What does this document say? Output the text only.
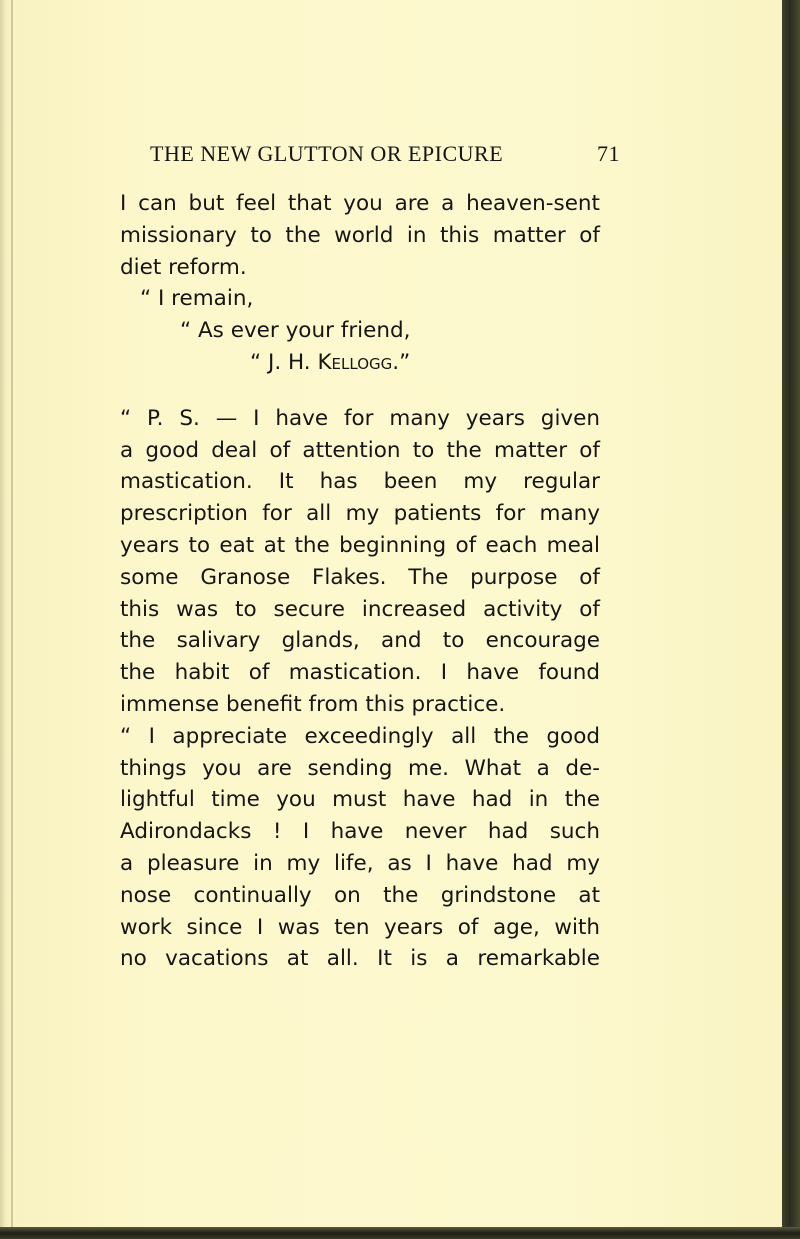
THE NEW GLUTTON OR EPICURE	71
I can but feel that you are a heaven-sent
missionary to the world in this matter of
diet reform.
“ I remain,
“ As ever your friend,
“ J. H. Kellogg.”
“ P. S. — I have for many years given
a good deal of attention to the matter of
mastication. It has been my regular
prescription for all my patients for many
years to eat at the beginning of each meal
some Granose Flakes. The purpose of
this was to secure increased activity of
the salivary glands, and to encourage
the habit of mastication. I have found
immense benefit from this practice.
“ I appreciate exceedingly all the good
things you are sending me. What a de-
lightful time you must have had in the
Adirondacks ! I have never had such
a pleasure in my life, as I have had my
nose continually on the grindstone at
work since I was ten years of age, with
no vacations at all. It is a remarkable
